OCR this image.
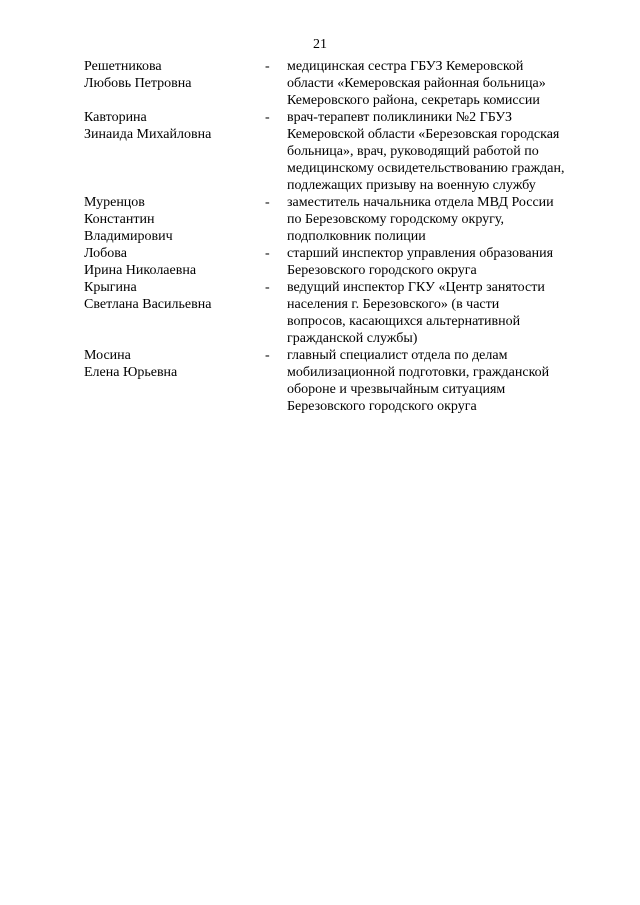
21
Решетникова
Любовь Петровна
-	медицинская сестра ГБУЗ Кемеровской
области «Кемеровская районная больница»
Кемеровского района, секретарь комиссии
Кавторина
Зинаида Михайловна
-	врач-терапевт поликлиники №2 ГБУЗ
Кемеровской области «Березовская городская
больница», врач, руководящий работой по
медицинскому освидетельствованию граждан,
подлежащих призыву на военную службу
Муренцов
Константин
Владимирович
-	заместитель начальника отдела МВД России
по Березовскому городскому округу,
подполковник полиции
Лобова
Ирина Николаевна
-	старший инспектор управления образования
Березовского городского округа
Крыгина
Светлана Васильевна
-	ведущий инспектор ГКУ «Центр занятости
населения г. Березовского» (в части
вопросов, касающихся альтернативной
гражданской службы)
Мосина
Елена Юрьевна
-	главный специалист отдела по делам
мобилизационной подготовки, гражданской
обороне и чрезвычайным ситуациям
Березовского городского округа
